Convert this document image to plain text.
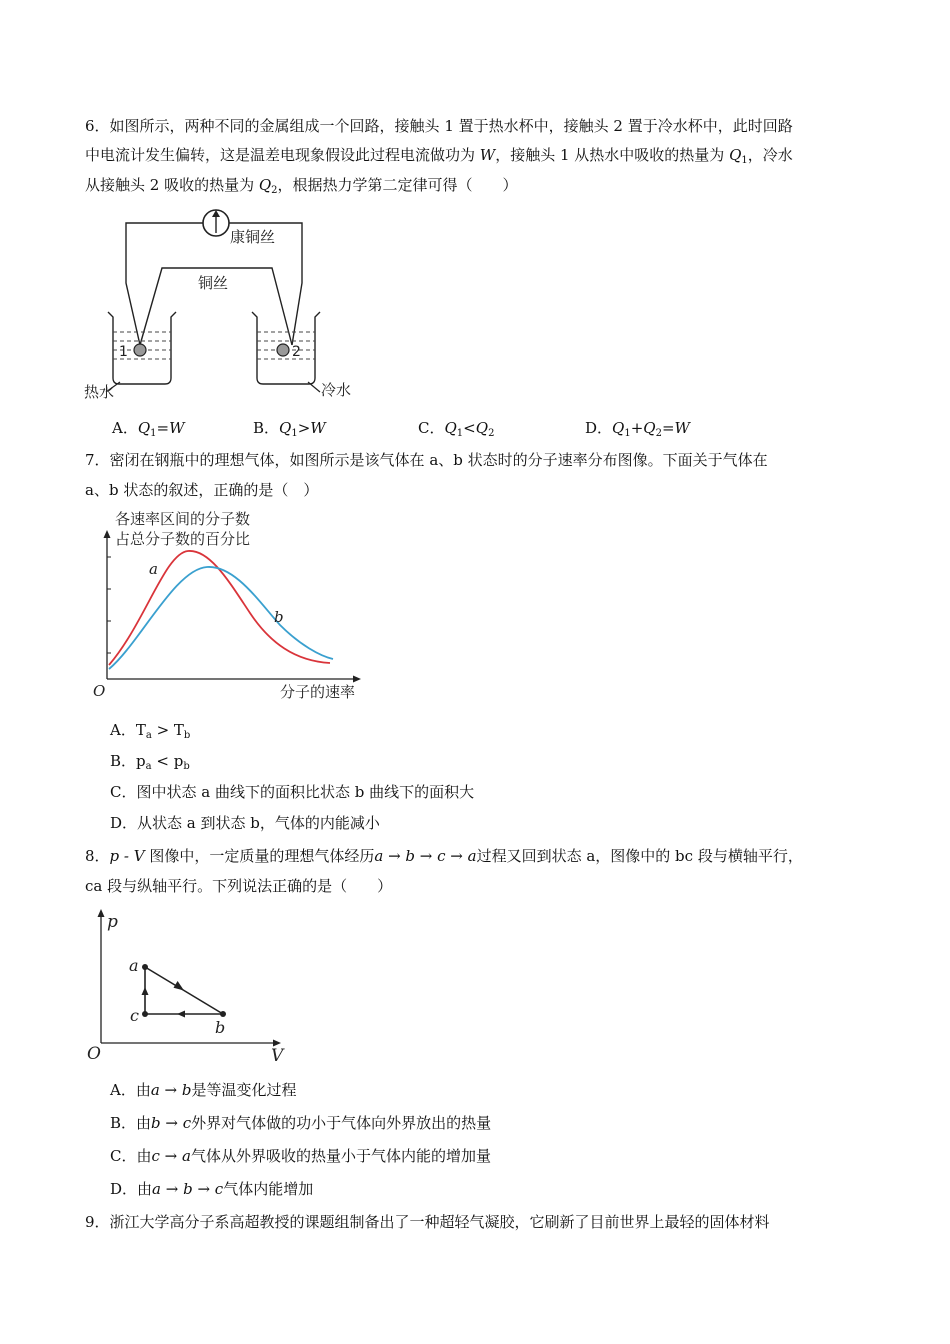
6．如图所示，两种不同的金属组成一个回路，接触头 1 置于热水杯中，接触头 2 置于冷水杯中，此时回路
中电流计发生偏转，这是温差电现象假设此过程电流做功为 W，接触头 1 从热水中吸收的热量为 $Q_1$，冷水
从接触头 2 吸收的热量为 $Q_2$，根据热力学第二定律可得（　　）
康铜丝
铜丝
1
热水
2
冷水
A．$Q_1=W$	B．$Q_1>W$	C．$Q_1<Q_2$	D．$Q_1+Q_2=W$
7．密闭在钢瓶中的理想气体，如图所示是该气体在 a、b 状态时的分子速率分布图像。下面关于气体在
a、b 状态的叙述，正确的是（　）
各速率区间的分子数
占总分子数的百分比
O	分子的速率
a
b
A．$T_a > T_b$
B．$p_a < p_b$
C．图中状态 a 曲线下的面积比状态 b 曲线下的面积大
D．从状态 a 到状态 b，气体的内能减小
8．p - V 图像中，一定质量的理想气体经历a → b → c → a过程又回到状态 a，图像中的 bc 段与横轴平行，
ca 段与纵轴平行。下列说法正确的是（　　）
p
V
O
a
b
c
A．由a → b是等温变化过程
B．由b → c外界对气体做的功小于气体向外界放出的热量
C．由c → a气体从外界吸收的热量小于气体内能的增加量
D．由a → b → c气体内能增加
9．浙江大学高分子系高超教授的课题组制备出了一种超轻气凝胶，它刷新了目前世界上最轻的固体材料
